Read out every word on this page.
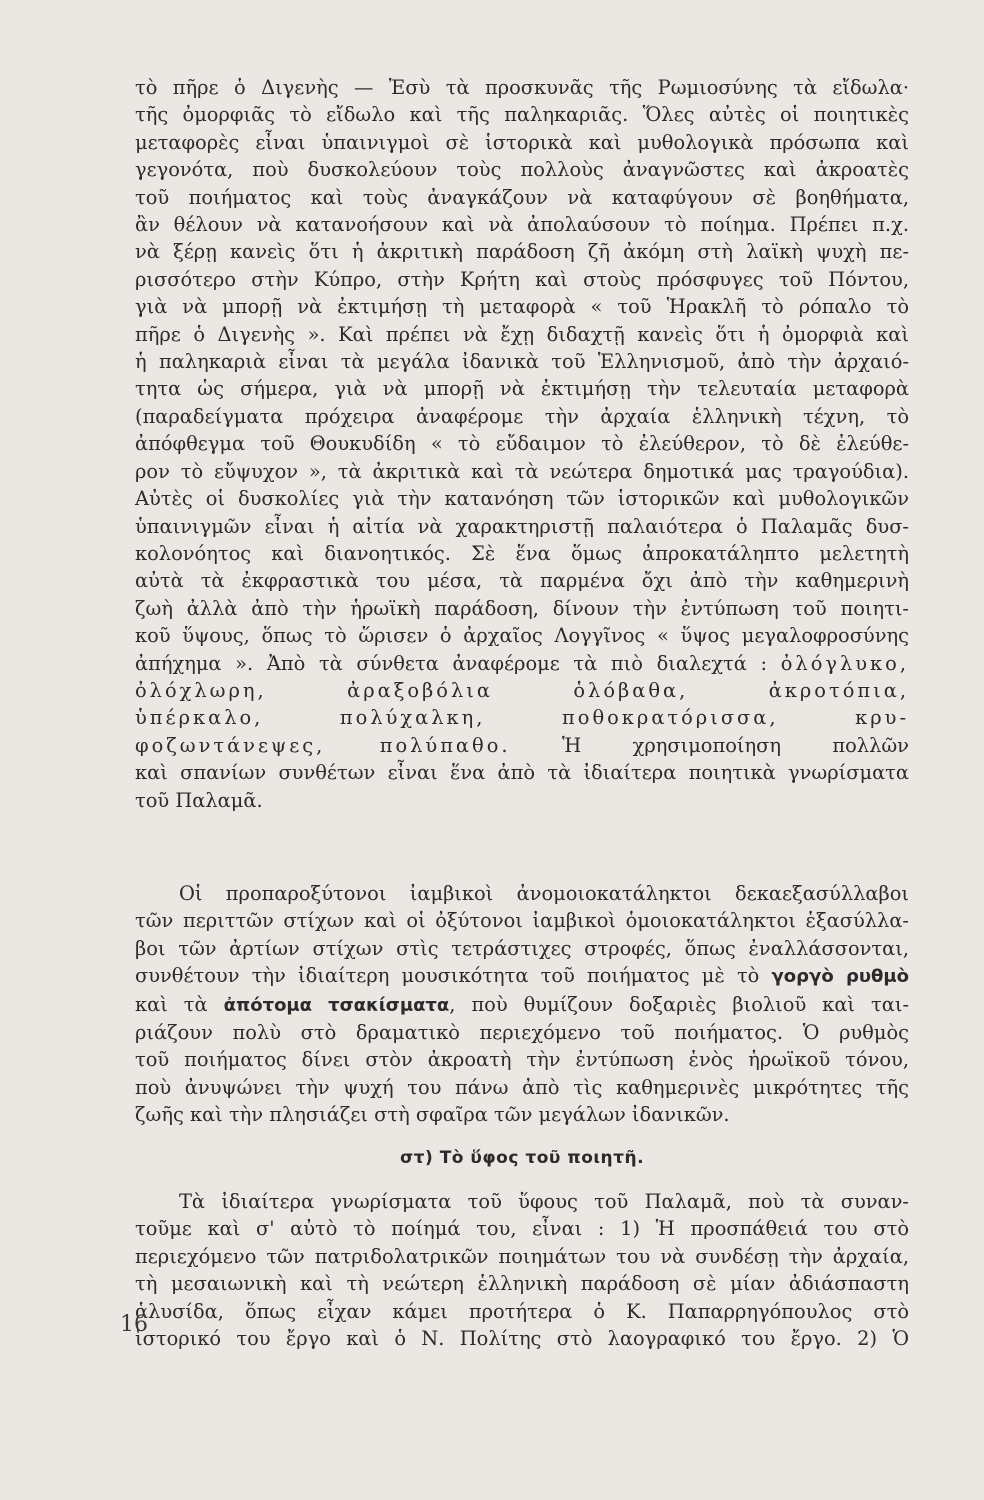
τὸ πῆρε ὁ Διγενὴς — Ἐσὺ τὰ προσκυνᾶς τῆς Ρωμιοσύνης τὰ εἴδωλα·

τῆς ὀμορφιᾶς τὸ εἴδωλο καὶ τῆς παληκαριᾶς. Ὅλες αὐτὲς οἱ ποιητικὲς

μεταφορὲς εἶναι ὑπαινιγμοὶ σὲ ἱστορικὰ καὶ μυθολογικὰ πρόσωπα καὶ

γεγονότα, ποὺ δυσκολεύουν τοὺς πολλοὺς ἀναγνῶστες καὶ ἀκροατὲς

τοῦ ποιήματος καὶ τοὺς ἀναγκάζουν νὰ καταφύγουν σὲ βοηθήματα,

ἂν θέλουν νὰ κατανοήσουν καὶ νὰ ἀπολαύσουν τὸ ποίημα. Πρέπει π.χ.

νὰ ξέρῃ κανεὶς ὅτι ἡ ἀκριτικὴ παράδοση ζῆ ἀκόμη στὴ λαϊκὴ ψυχὴ πε-

ρισσότερο στὴν Κύπρο, στὴν Κρήτη καὶ στοὺς πρόσφυγες τοῦ Πόντου,

γιὰ νὰ μπορῇ νὰ ἐκτιμήσῃ τὴ μεταφορὰ « τοῦ Ἡρακλῆ τὸ ρόπαλο τὸ

πῆρε ὁ Διγενὴς ». Καὶ πρέπει νὰ ἔχῃ διδαχτῇ κανεὶς ὅτι ἡ ὀμορφιὰ καὶ

ἡ παληκαριὰ εἶναι τὰ μεγάλα ἰδανικὰ τοῦ Ἑλληνισμοῦ, ἀπὸ τὴν ἀρχαιό-

τητα ὡς σήμερα, γιὰ νὰ μπορῇ νὰ ἐκτιμήσῃ τὴν τελευταία μεταφορὰ

(παραδείγματα πρόχειρα ἀναφέρομε τὴν ἀρχαία ἑλληνικὴ τέχνη, τὸ

ἀπόφθεγμα τοῦ Θουκυδίδη « τὸ εὔδαιμον τὸ ἐλεύθερον, τὸ δὲ ἐλεύθε-

ρον τὸ εὔψυχον », τὰ ἀκριτικὰ καὶ τὰ νεώτερα δημοτικά μας τραγούδια).

Αὐτὲς οἱ δυσκολίες γιὰ τὴν κατανόηση τῶν ἱστορικῶν καὶ μυθολογικῶν

ὑπαινιγμῶν εἶναι ἡ αἰτία νὰ χαρακτηριστῇ παλαιότερα ὁ Παλαμᾶς δυσ-

κολονόητος καὶ διανοητικός. Σὲ ἕνα ὅμως ἀπροκατάληπτο μελετητὴ

αὐτὰ τὰ ἐκφραστικὰ του μέσα, τὰ παρμένα ὄχι ἀπὸ τὴν καθημερινὴ

ζωὴ ἀλλὰ ἀπὸ τὴν ἡρωϊκὴ παράδοση, δίνουν τὴν ἐντύπωση τοῦ ποιητι-

κοῦ ὕψους, ὅπως τὸ ὥρισεν ὁ ἀρχαῖος Λογγῖνος « ὕψος μεγαλοφροσύνης

ἀπήχημα ». Ἀπὸ τὰ σύνθετα ἀναφέρομε τὰ πιὸ διαλεχτά : ὀλόγλυκο,

ὀλόχλωρη, ἀραξοβόλια ὁλόβαθα, ἀκροτόπια,

ὑπέρκαλο, πολύχαλκη, ποθοκρατόρισσα, κρυ-

φοζωντάνεψες, πολύπαθο.	Ἡ χρησιμοποίηση πολλῶν

καὶ σπανίων συνθέτων εἶναι ἕνα ἀπὸ τὰ ἰδιαίτερα ποιητικὰ γνωρίσματα

τοῦ Παλαμᾶ.

Οἱ προπαροξύτονοι ἰαμβικοὶ ἀνομοιοκατάληκτοι δεκαεξασύλλαβοι

τῶν περιττῶν στίχων καὶ οἱ ὀξύτονοι ἰαμβικοὶ ὁμοιοκατάληκτοι ἑξασύλλα-

βοι τῶν ἀρτίων στίχων στὶς τετράστιχες στροφές, ὅπως ἐναλλάσσονται,

συνθέτουν τὴν ἰδιαίτερη μουσικότητα τοῦ ποιήματος μὲ τὸ γοργὸ ρυθμὸ

καὶ τὰ ἀπότομα τσακίσματα, ποὺ θυμίζουν δοξαριὲς βιολιοῦ καὶ ται-

ριάζουν πολὺ στὸ δραματικὸ περιεχόμενο τοῦ ποιήματος. Ὁ ρυθμὸς

τοῦ ποιήματος δίνει στὸν ἀκροατὴ τὴν ἐντύπωση ἑνὸς ἡρωϊκοῦ τόνου,

ποὺ ἀνυψώνει τὴν ψυχή του πάνω ἀπὸ τὶς καθημερινὲς μικρότητες τῆς

ζωῆς καὶ τὴν πλησιάζει στὴ σφαῖρα τῶν μεγάλων ἰδανικῶν.

στ) Τὸ ὕφος τοῦ ποιητῆ.

Τὰ ἰδιαίτερα γνωρίσματα τοῦ ὕφους τοῦ Παλαμᾶ, ποὺ τὰ συναν-

τοῦμε καὶ σ' αὐτὸ τὸ ποίημά του, εἶναι : 1) Ἡ προσπάθειά του στὸ

περιεχόμενο τῶν πατριδολατρικῶν ποιημάτων του νὰ συνδέσῃ τὴν ἀρχαία,

τὴ μεσαιωνικὴ καὶ τὴ νεώτερη ἑλληνικὴ παράδοση σὲ μίαν ἀδιάσπαστη

ἁλυσίδα, ὅπως εἶχαν κάμει προτήτερα ὁ Κ. Παπαρρηγόπουλος στὸ

ἱστορικό του ἔργο καὶ ὁ Ν. Πολίτης στὸ λαογραφικό του ἔργο. 2) Ὁ

16
